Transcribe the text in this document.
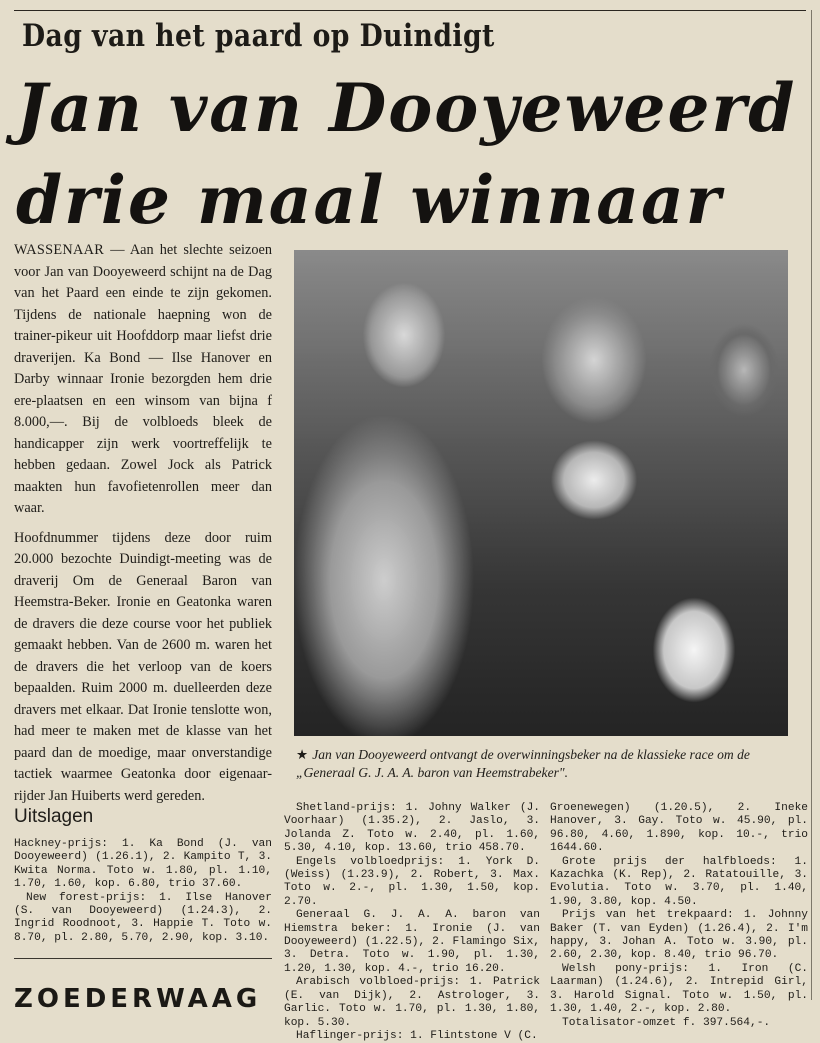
Dag van het paard op Duindigt
Jan van Dooyeweerd
drie maal winnaar

WASSENAAR — Aan het slechte seizoen voor Jan van Dooyeweerd schijnt na de Dag van het Paard een einde te zijn gekomen. Tijdens de nationale haepning won de trainer-pikeur uit Hoofddorp maar liefst drie draverijen. Ka Bond — Ilse Hanover en Darby winnaar Ironie bezorgden hem drie ere-plaatsen en een winsom van bijna f 8.000,—. Bij de volbloeds bleek de handicapper zijn werk voortreffelijk te hebben gedaan. Zowel Jock als Patrick maakten hun favofietenrollen meer dan waar.

Hoofdnummer tijdens deze door ruim 20.000 bezochte Duindigt-meeting was de draverij Om de Generaal Baron van Heemstra-Beker. Ironie en Geatonka waren de dravers die deze course voor het publiek gemaakt hebben. Van de 2600 m. waren het de dravers die het verloop van de koers bepaalden. Ruim 2000 m. duelleerden deze dravers met elkaar. Dat Ironie tenslotte won, had meer te maken met de klasse van het paard dan de moedige, maar onverstandige tactiek waarmee Geatonka door eigenaar-rijder Jan Huiberts werd gereden.

★ Jan van Dooyeweerd ontvangt de overwinningsbeker na de klassieke race om de „Generaal G. J. A. A. baron van Heemstrabeker".
Uitslagen

Hackney-prijs: 1. Ka Bond (J. van Dooyeweerd) (1.26.1), 2. Kampito T, 3. Kwita Norma. Toto w. 1.80, pl. 1.10, 1.70, 1.60, kop. 6.80, trio 37.60.

New forest-prijs: 1. Ilse Hanover (S. van Dooyeweerd) (1.24.3), 2. Ingrid Roodnoot, 3. Happie T. Toto w. 8.70, pl. 2.80, 5.70, 2.90, kop. 3.10.

Shetland-prijs: 1. Johny Walker (J. Voorhaar) (1.35.2), 2. Jaslo, 3. Jolanda Z. Toto w. 2.40, pl. 1.60, 5.30, 4.10, kop. 13.60, trio 458.70.

Engels volbloedprijs: 1. York D. (Weiss) (1.23.9), 2. Robert, 3. Max. Toto w. 2.-, pl. 1.30, 1.50, kop. 2.70.

Generaal G. J. A. A. baron van Hiemstra beker: 1. Ironie (J. van Dooyeweerd) (1.22.5), 2. Flamingo Six, 3. Detra. Toto w. 1.90, pl. 1.30, 1.20, 1.30, kop. 4.-, trio 16.20.

Arabisch volbloed-prijs: 1. Patrick (E. van Dijk), 2. Astrologer, 3. Garlic. Toto w. 1.70, pl. 1.30, 1.80, kop. 5.30.

Haflinger-prijs: 1. Flintstone V (C.

Groenewegen) (1.20.5), 2. Ineke Hanover, 3. Gay. Toto w. 45.90, pl. 96.80, 4.60, 1.890, kop. 10.-, trio 1644.60.

Grote prijs der halfbloeds: 1. Kazachka (K. Rep), 2. Ratatouille, 3. Evolutia. Toto w. 3.70, pl. 1.40, 1.90, 3.80, kop. 4.50.

Prijs van het trekpaard: 1. Johnny Baker (T. van Eyden) (1.26.4), 2. I'm happy, 3. Johan A. Toto w. 3.90, pl. 2.60, 2.30, kop. 8.40, trio 96.70.

Welsh pony-prijs: 1. Iron (C. Laarman) (1.24.6), 2. Intrepid Girl, 3. Harold Signal. Toto w. 1.50, pl. 1.30, 1.40, 2.-, kop. 2.80.

Totalisator-omzet f. 397.564,-.

ZOEDERWAAG
